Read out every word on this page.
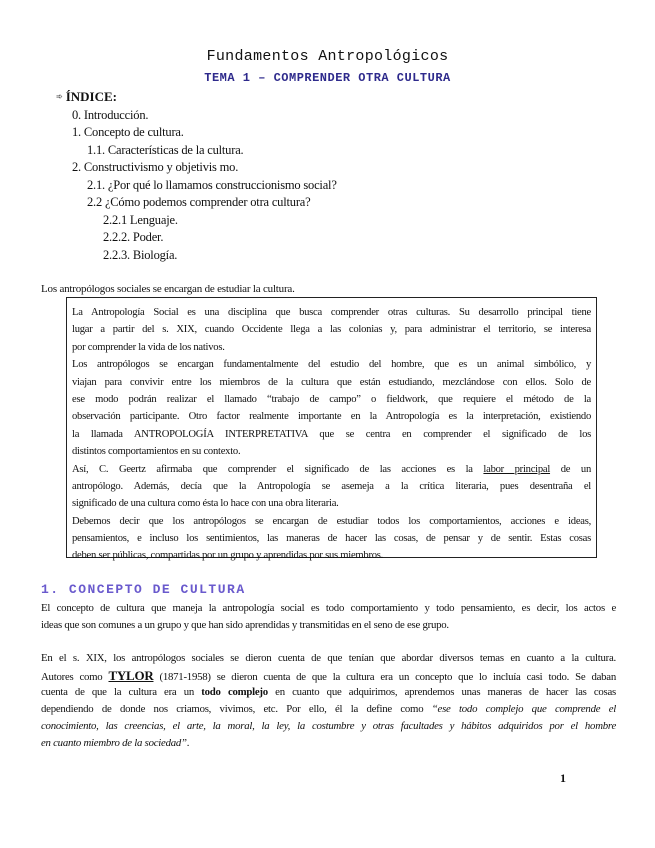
Fundamentos Antropológicos
TEMA 1 – COMPRENDER OTRA CULTURA
➾ ÍNDICE:
0. Introducción.
1. Concepto de cultura.
1.1. Características de la cultura.
2. Constructivismo y objetivis mo.
2.1. ¿Por qué lo llamamos construccionismo social?
2.2 ¿Cómo podemos comprender otra cultura?
2.2.1 Lenguaje.
2.2.2. Poder.
2.2.3. Biología.
Los antropólogos sociales se encargan de estudiar la cultura.
La Antropología Social es una disciplina que busca comprender otras culturas. Su desarrollo principal tiene
lugar a partir del s. XIX, cuando Occidente llega a las colonias y, para administrar el territorio, se interesa
por comprender la vida de los nativos.
Los antropólogos se encargan fundamentalmente del estudio del hombre, que es un animal simbólico, y
viajan para convivir entre los miembros de la cultura que están estudiando, mezclándose con ellos. Solo de
ese modo podrán realizar el llamado “trabajo de campo” o fieldwork, que requiere el método de la
observación participante. Otro factor realmente importante en la Antropología es la interpretación, existiendo
la llamada ANTROPOLOGÍA INTERPRETATIVA que se centra en comprender el significado de los
distintos comportamientos en su contexto.
Así, C. Geertz afirmaba que comprender el significado de las acciones es la labor principal de un
antropólogo. Además, decía que la Antropología se asemeja a la crítica literaria, pues desentraña el
significado de una cultura como ésta lo hace con una obra literaria.
Debemos decir que los antropólogos se encargan de estudiar todos los comportamientos, acciones e ideas,
pensamientos, e incluso los sentimientos, las maneras de hacer las cosas, de pensar y de sentir. Estas cosas
deben ser públicas, compartidas por un grupo y aprendidas por sus miembros.
1. CONCEPTO DE CULTURA
El concepto de cultura que maneja la antropología social es todo comportamiento y todo pensamiento, es decir, los actos e
ideas que son comunes a un grupo y que han sido aprendidas y transmitidas en el seno de ese grupo.
En el s. XIX, los antropólogos sociales se dieron cuenta de que tenían que abordar diversos temas en cuanto a la cultura.
Autores como TYLOR (1871-1958) se dieron cuenta de que la cultura era un concepto que lo incluía casi todo. Se daban
cuenta de que la cultura era un todo complejo en cuanto que adquirimos, aprendemos unas maneras de hacer las cosas
dependiendo de donde nos criamos, vivimos, etc. Por ello, él la define como “ese todo complejo que comprende el
conocimiento, las creencias, el arte, la moral, la ley, la costumbre y otras facultades y hábitos adquiridos por el hombre
en cuanto miembro de la sociedad”.
1
